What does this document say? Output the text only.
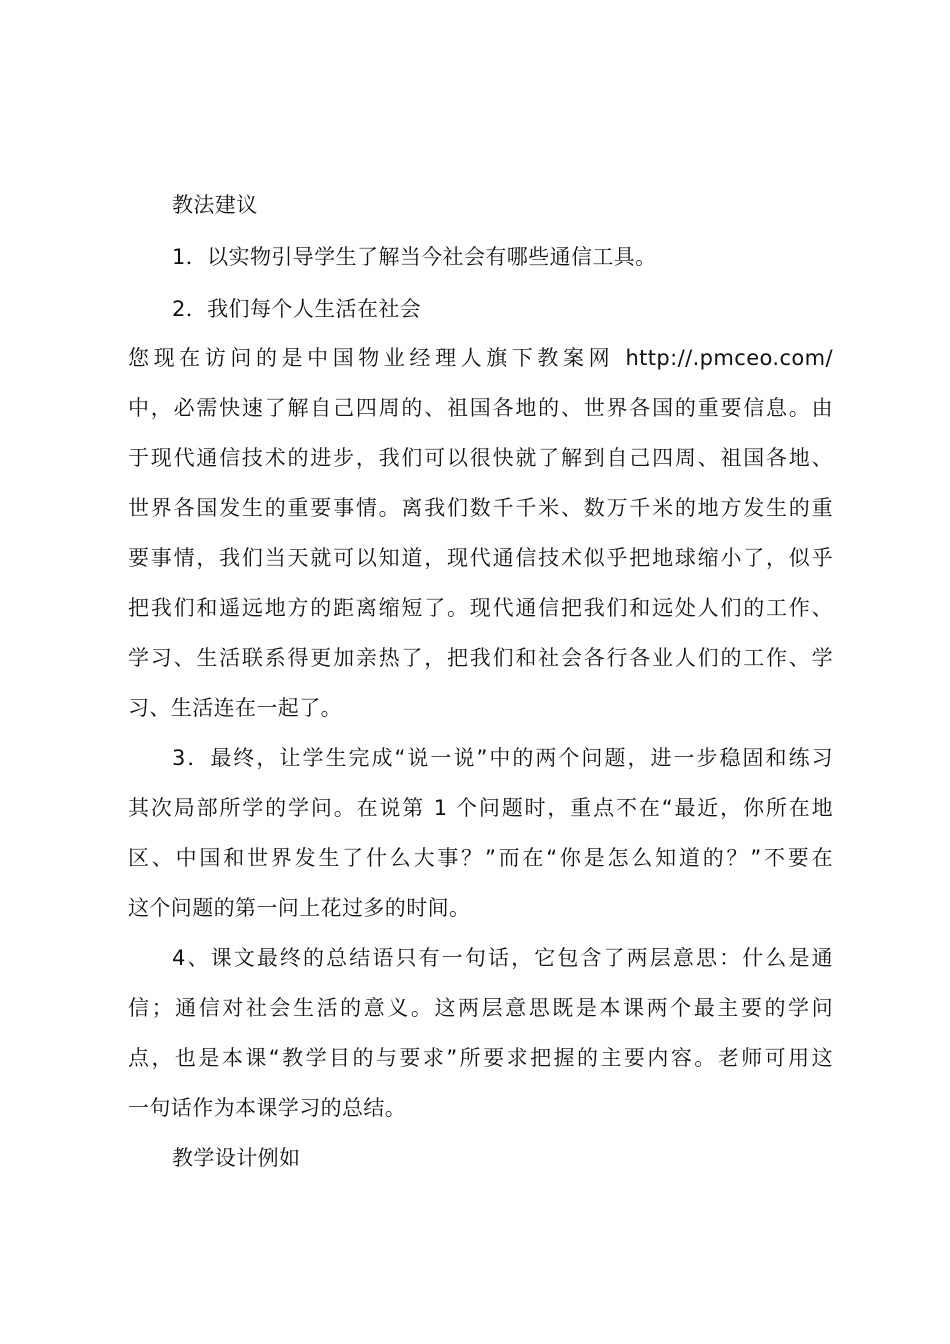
教法建议
1．以实物引导学生了解当今社会有哪些通信工具。
2．我们每个人生活在社会
您现在访问的是中国物业经理人旗下教案网 http://.pmceo.com/
中，必需快速了解自己四周的、祖国各地的、世界各国的重要信息。由
于现代通信技术的进步，我们可以很快就了解到自己四周、祖国各地、
世界各国发生的重要事情。离我们数千千米、数万千米的地方发生的重
要事情，我们当天就可以知道，现代通信技术似乎把地球缩小了，似乎
把我们和遥远地方的距离缩短了。现代通信把我们和远处人们的工作、
学习、生活联系得更加亲热了，把我们和社会各行各业人们的工作、学
习、生活连在一起了。
3．最终，让学生完成“说一说”中的两个问题，进一步稳固和练习
其次局部所学的学问。在说第 1 个问题时，重点不在“最近，你所在地
区、中国和世界发生了什么大事？”而在“你是怎么知道的？”不要在
这个问题的第一问上花过多的时间。
4、课文最终的总结语只有一句话，它包含了两层意思：什么是通
信；通信对社会生活的意义。这两层意思既是本课两个最主要的学问
点，也是本课“教学目的与要求”所要求把握的主要内容。老师可用这
一句话作为本课学习的总结。
教学设计例如
